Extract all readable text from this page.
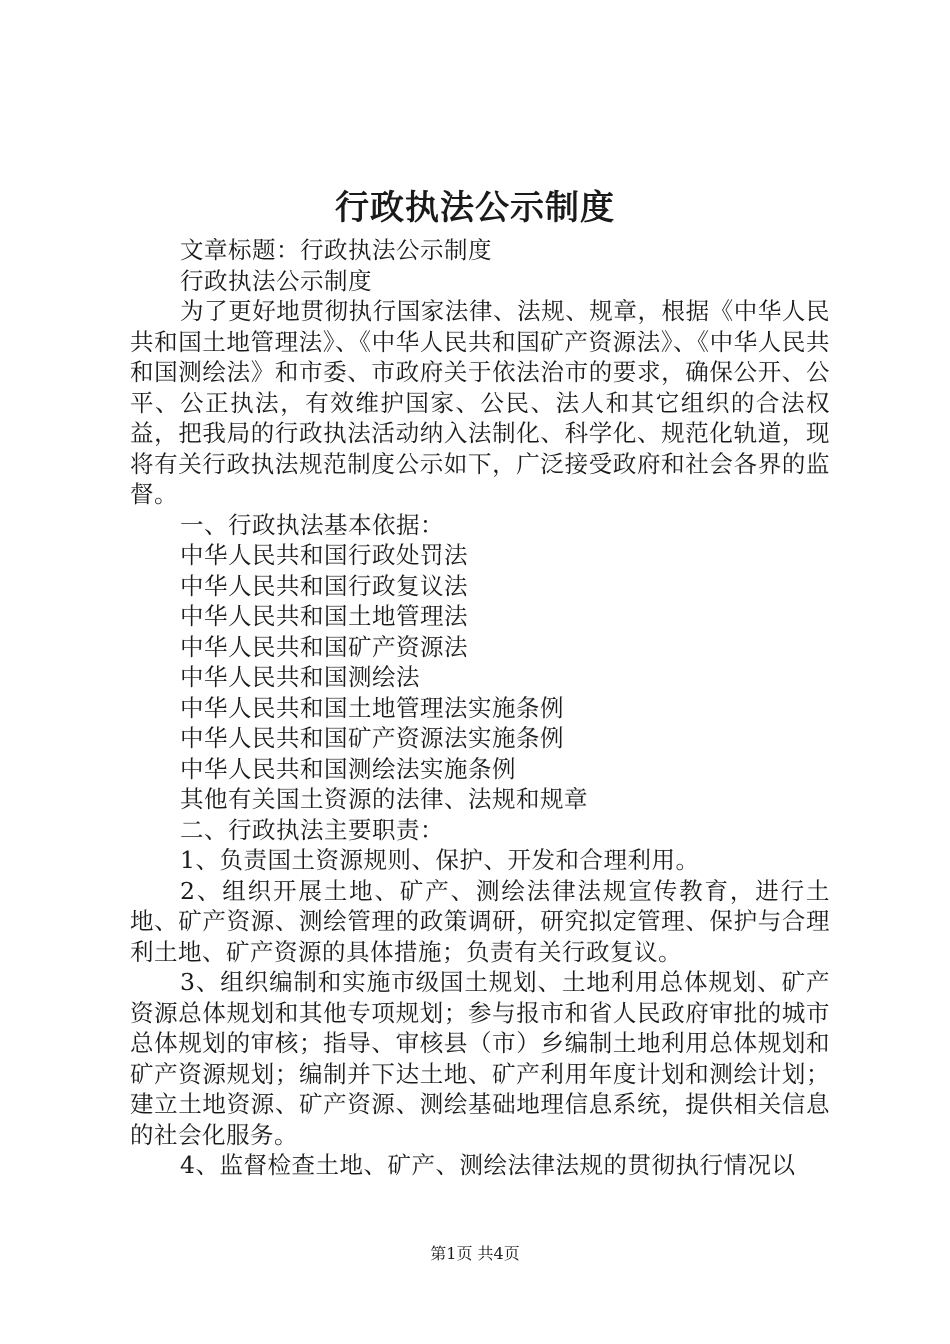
行政执法公示制度

文章标题：行政执法公示制度

行政执法公示制度

为了更好地贯彻执行国家法律、法规、规章，根据《中华人民共和国土地管理法》、《中华人民共和国矿产资源法》、《中华人民共和国测绘法》和市委、市政府关于依法治市的要求，确保公开、公平、公正执法，有效维护国家、公民、法人和其它组织的合法权益，把我局的行政执法活动纳入法制化、科学化、规范化轨道，现将有关行政执法规范制度公示如下，广泛接受政府和社会各界的监督。

一、行政执法基本依据：

中华人民共和国行政处罚法

中华人民共和国行政复议法

中华人民共和国土地管理法

中华人民共和国矿产资源法

中华人民共和国测绘法

中华人民共和国土地管理法实施条例

中华人民共和国矿产资源法实施条例

中华人民共和国测绘法实施条例

其他有关国土资源的法律、法规和规章

二、行政执法主要职责：

1、负责国土资源规则、保护、开发和合理利用。

2、组织开展土地、矿产、测绘法律法规宣传教育，进行土地、矿产资源、测绘管理的政策调研，研究拟定管理、保护与合理利土地、矿产资源的具体措施；负责有关行政复议。

3、组织编制和实施市级国土规划、土地利用总体规划、矿产资源总体规划和其他专项规划；参与报市和省人民政府审批的城市总体规划的审核；指导、审核县（市）乡编制土地利用总体规划和矿产资源规划；编制并下达土地、矿产利用年度计划和测绘计划；建立土地资源、矿产资源、测绘基础地理信息系统，提供相关信息的社会化服务。

4、监督检查土地、矿产、测绘法律法规的贯彻执行情况以

第1页 共4页
